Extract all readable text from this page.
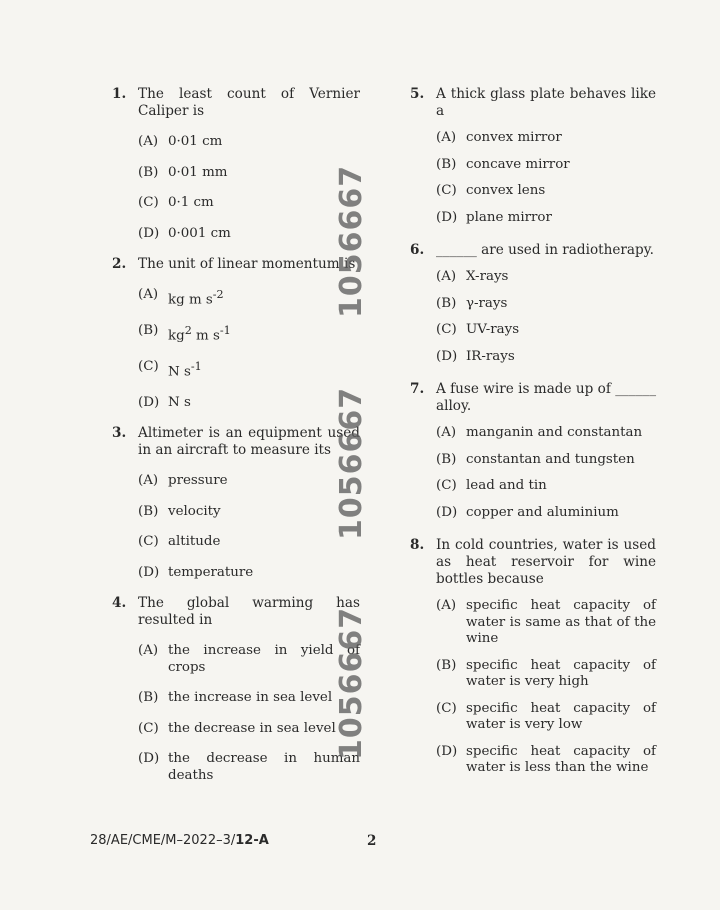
1. The least count of Vernier Caliper is
(A) 0·01 cm
(B) 0·01 mm
(C) 0·1 cm
(D) 0·001 cm
2. The unit of linear momentum is
(A) kg m $s^{-2}$
(B) $kg^2$ m $s^{-1}$
(C) N $s^{-1}$
(D) N s
3. Altimeter is an equipment used in an aircraft to measure its
(A) pressure
(B) velocity
(C) altitude
(D) temperature
4. The global warming has resulted in
(A) the increase in yield of crops
(B) the increase in sea level
(C) the decrease in sea level
(D) the decrease in human deaths
5. A thick glass plate behaves like a
(A) convex mirror
(B) concave mirror
(C) convex lens
(D) plane mirror
6. ______ are used in radiotherapy.
(A) X-rays
(B) γ-rays
(C) UV-rays
(D) IR-rays
7. A fuse wire is made up of ______ alloy.
(A) manganin and constantan
(B) constantan and tungsten
(C) lead and tin
(D) copper and aluminium
8. In cold countries, water is used as heat reservoir for wine bottles because
(A) specific heat capacity of water is same as that of the wine
(B) specific heat capacity of water is very high
(C) specific heat capacity of water is very low
(D) specific heat capacity of water is less than the wine
1056667
1056667
1056667
28/AE/CME/M–2022–3/12-A	2
